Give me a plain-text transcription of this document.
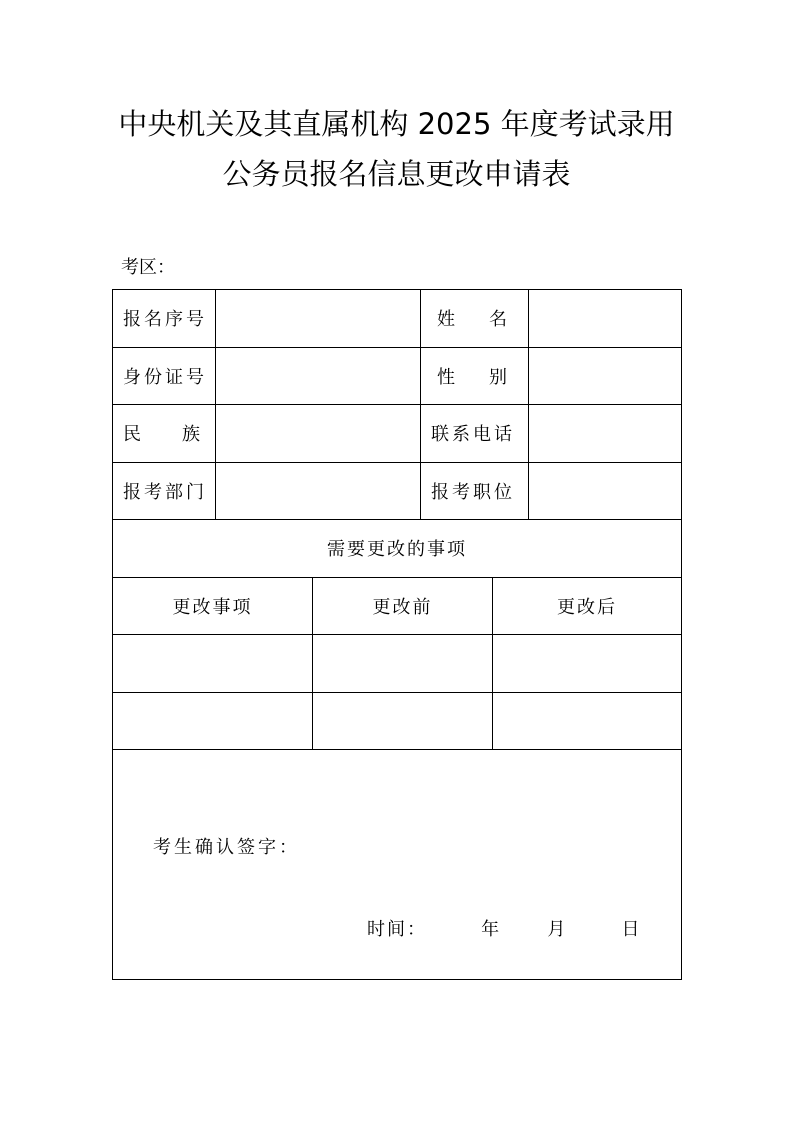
中央机关及其直属机构 2025 年度考试录用
公务员报名信息更改申请表
考区：
报名序号			姓 名		

身份证号			性 别		

民 族			联系电话		
报考部门			报考职位		
需要更改的事项					
更改事项		更改前		更改后	

考生确认签字：
时间： 年 月 日					
